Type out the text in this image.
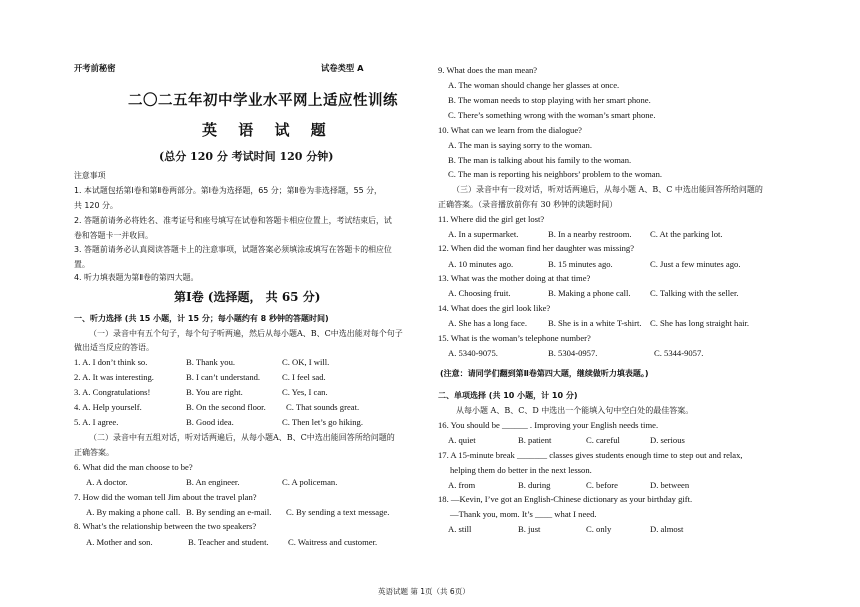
开考前秘密	试卷类型 A
二〇二五年初中学业水平网上适应性训练
英 语 试 题
(总分 120 分 考试时间 120 分钟)
注意事项
1. 本试题包括第Ⅰ卷和第Ⅱ卷两部分。第Ⅰ卷为选择题，65 分；第Ⅱ卷为非选择题，55 分，
共 120 分。
2. 答题前请务必将姓名、准考证号和座号填写在试卷和答题卡相应位置上，考试结束后，试
卷和答题卡一并收回。
3. 答题前请务必认真阅读答题卡上的注意事项，试题答案必须填涂或填写在答题卡的相应位
置。
4. 听力填表题为第Ⅱ卷的第四大题。
第Ⅰ卷 (选择题， 共 65 分)
一、听力选择 (共 15 小题，计 15 分；每小题约有 8 秒钟的答题时间)
（一）录音中有五个句子，每个句子听两遍，然后从每小题A、B、C中选出能对每个句子
做出适当反应的答语。
1. A. I don’t think so.	B. Thank you.	C. OK, I will.
2. A. It was interesting.	B. I can’t understand.	C. I feel sad.
3. A. Congratulations!	B. You are right.	C. Yes, I can.
4. A. Help yourself.	B. On the second floor. C. That sounds great.
5. A. I agree.	B. Good idea.	C. Then let’s go hiking.
（二）录音中有五组对话，听对话两遍后，从每小题A、B、C中选出能回答所给问题的
正确答案。
6. What did the man choose to be?
A. A doctor.	B. An engineer.	C. A policeman.
7. How did the woman tell Jim about the travel plan?
A. By making a phone call. B. By sending an e-mail. C. By sending a text message.
8. What’s the relationship between the two speakers?
A. Mother and son.	B. Teacher and student. C. Waitress and customer.
9. What does the man mean?
A. The woman should change her glasses at once.
B. The woman needs to stop playing with her smart phone.
C. There’s something wrong with the woman’s smart phone.
10. What can we learn from the dialogue?
A. The man is saying sorry to the woman.
B. The man is talking about his family to the woman.
C. The man is reporting his neighbors’ problem to the woman.
（三）录音中有一段对话，听对话两遍后，从每小题 A、B、C 中选出能回答所给问题的
正确答案。（录音播放前你有 30 秒钟的读题时间）
11. Where did the girl get lost?
A. In a supermarket.	B. In a nearby restroom. C. At the parking lot.
12. When did the woman find her daughter was missing?
A. 10 minutes ago.	B. 15 minutes ago.	C. Just a few minutes ago.
13. What was the mother doing at that time?
A. Choosing fruit.	B. Making a phone call. C. Talking with the seller.
14. What does the girl look like?
A. She has a long face. B. She is in a white T-shirt. C. She has long straight hair.
15. What is the woman’s telephone number?
A. 5340-9075.	B. 5304-0957.	C. 5344-9057.
(注意：请同学们翻到第Ⅱ卷第四大题，继续做听力填表题。)
二、单项选择 (共 10 小题，计 10 分)
从每小题 A、B、C、D 中选出一个能填入句中空白处的最佳答案。
16. You should be ______ . Improving your English needs time.
A. quiet	B. patient	C. careful	D. serious
17. A 15-minute break _______ classes gives students enough time to step out and relax,
helping them do better in the next lesson.
A. from	B. during	C. before	D. between
18. —Kevin, I’ve got an English-Chinese dictionary as your birthday gift.
—Thank you, mom. It’s ____ what I need.
A. still	B. just	C. only	D. almost
英语试题 第 1页（共 6页）
